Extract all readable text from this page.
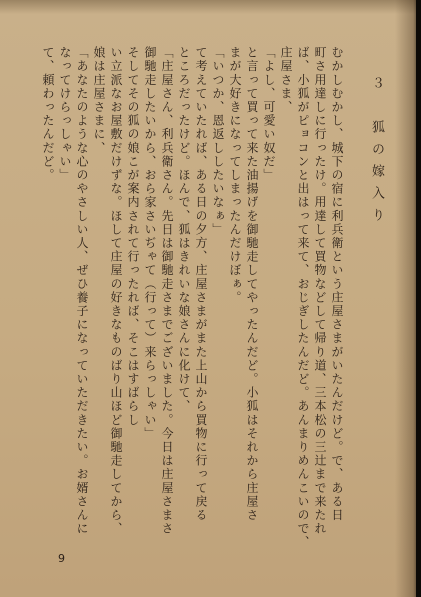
３　狐の嫁入り
むかしむかし、城下の宿に利兵衛という庄屋さまがいたんだけど。で、ある日
町さ用達しに行ったけ。用達して買物などして帰り道、三本松の三辻まで来たれ
ば、小狐がピョコンと出はって来て、おじぎしたんだど。あんまりめんこいので、
庄屋さま、
「よし、可愛い奴だ」
と言って買って来た油揚げを御馳走してやったんだど。小狐はそれから庄屋さ
まが大好きになってしまったんだけぼぁ。
「いつか、恩返ししたいなぁ」
て考えていたれば、ある日の夕方、庄屋さまがまた上山から買物に行って戻る
ところだったけど。ほんで、狐はきれいな娘さんに化けて、
「庄屋さん、利兵衛さん。先日は御馳走さまでございました。今日は庄屋さまさ
御馳走したいから、おら家さいぢゃて（行って）来らっしゃい」
そしてその狐の娘こが案内されて行ったれば、そこはすばらし
い立派なお屋敷だけずな。ほして庄屋の好きなものばり山ほど御馳走してから、
娘は庄屋さまに、
「あなたのような心のやさしい人、ぜひ養子になっていただきたい。お婿さんに
なってけらっしゃい」
て、頼わったんだど。
9
